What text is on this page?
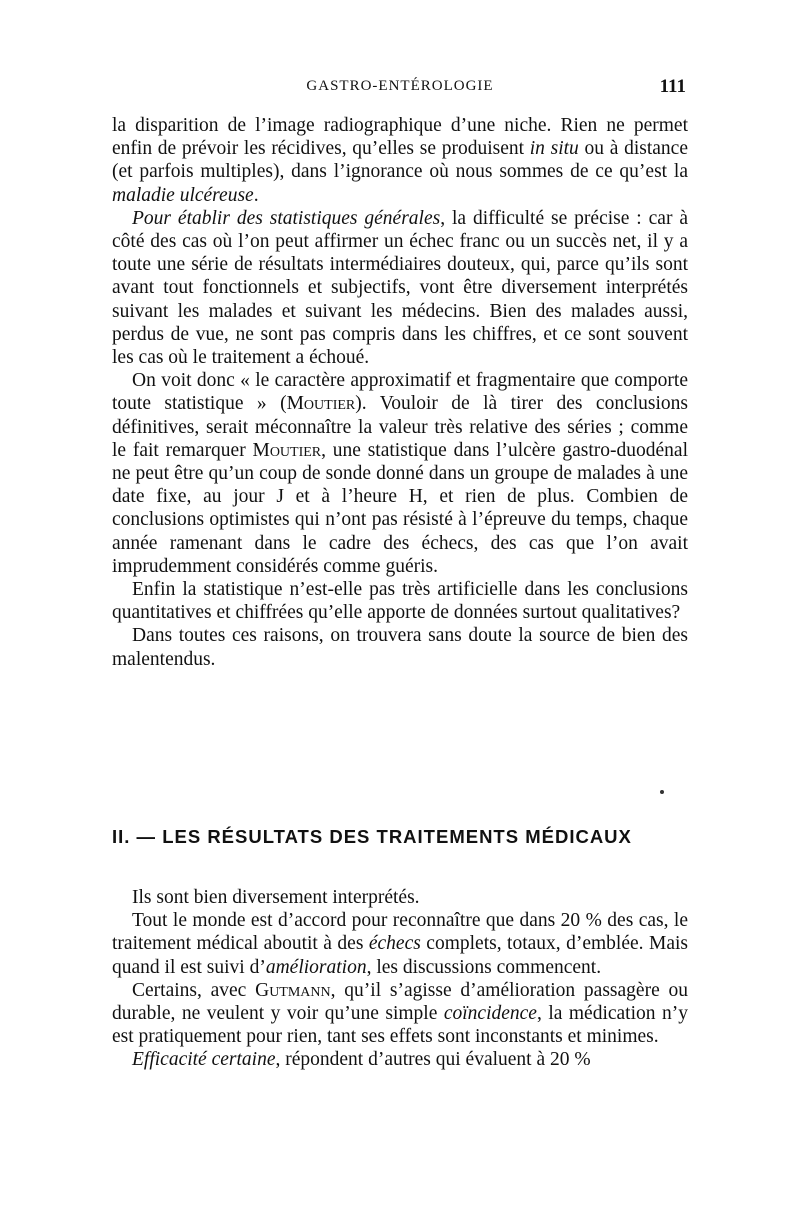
GASTRO-ENTÉROLOGIE	111

la disparition de l’image radiographique d’une niche. Rien ne permet enfin de prévoir les récidives, qu’elles se produisent in situ ou à distance (et parfois multiples), dans l’ignorance où nous sommes de ce qu’est la maladie ulcéreuse.

Pour établir des statistiques générales, la difficulté se précise : car à côté des cas où l’on peut affirmer un échec franc ou un succès net, il y a toute une série de résultats intermédiaires douteux, qui, parce qu’ils sont avant tout fonctionnels et subjectifs, vont être diversement interprétés suivant les malades et suivant les médecins. Bien des malades aussi, perdus de vue, ne sont pas compris dans les chiffres, et ce sont souvent les cas où le traitement a échoué.

On voit donc « le caractère approximatif et fragmentaire que comporte toute statistique » (Moutier). Vouloir de là tirer des conclusions définitives, serait méconnaître la valeur très relative des séries ; comme le fait remarquer Moutier, une statistique dans l’ulcère gastro-duodénal ne peut être qu’un coup de sonde donné dans un groupe de malades à une date fixe, au jour J et à l’heure H, et rien de plus. Combien de conclusions optimistes qui n’ont pas résisté à l’épreuve du temps, chaque année ramenant dans le cadre des échecs, des cas que l’on avait imprudemment considérés comme guéris.

Enfin la statistique n’est-elle pas très artificielle dans les conclusions quantitatives et chiffrées qu’elle apporte de données surtout qualitatives?

Dans toutes ces raisons, on trouvera sans doute la source de bien des malentendus.

II. — LES RÉSULTATS DES TRAITEMENTS MÉDICAUX

Ils sont bien diversement interprétés.

Tout le monde est d’accord pour reconnaître que dans 20 % des cas, le traitement médical aboutit à des échecs complets, totaux, d’emblée. Mais quand il est suivi d’amélioration, les discussions commencent.

Certains, avec Gutmann, qu’il s’agisse d’amélioration passagère ou durable, ne veulent y voir qu’une simple coïncidence, la médication n’y est pratiquement pour rien, tant ses effets sont inconstants et minimes.

Efficacité certaine, répondent d’autres qui évaluent à 20 %
